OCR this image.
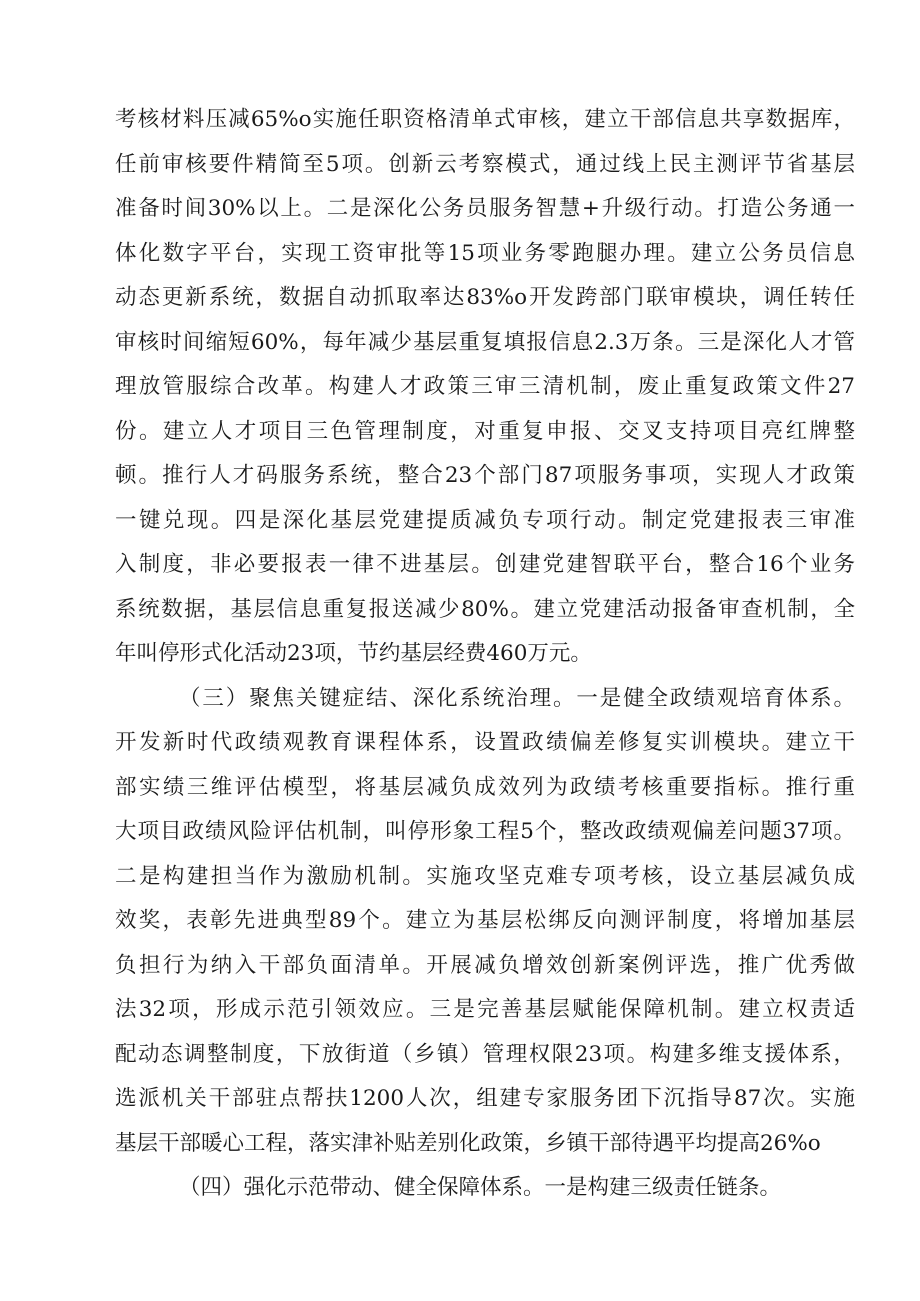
考核材料压减65%o实施任职资格清单式审核，建立干部信息共享数据库，
任前审核要件精简至5项。创新云考察模式，通过线上民主测评节省基层
准备时间30%以上。二是深化公务员服务智慧+升级行动。打造公务通一
体化数字平台，实现工资审批等15项业务零跑腿办理。建立公务员信息
动态更新系统，数据自动抓取率达83%o开发跨部门联审模块，调任转任
审核时间缩短60%，每年减少基层重复填报信息2.3万条。三是深化人才管
理放管服综合改革。构建人才政策三审三清机制，废止重复政策文件27
份。建立人才项目三色管理制度，对重复申报、交叉支持项目亮红牌整
顿。推行人才码服务系统，整合23个部门87项服务事项，实现人才政策
一键兑现。四是深化基层党建提质减负专项行动。制定党建报表三审准
入制度，非必要报表一律不进基层。创建党建智联平台，整合16个业务
系统数据，基层信息重复报送减少80%。建立党建活动报备审查机制，全
年叫停形式化活动23项，节约基层经费460万元。
（三）聚焦关键症结、深化系统治理。一是健全政绩观培育体系。
开发新时代政绩观教育课程体系，设置政绩偏差修复实训模块。建立干
部实绩三维评估模型，将基层减负成效列为政绩考核重要指标。推行重
大项目政绩风险评估机制，叫停形象工程5个，整改政绩观偏差问题37项。
二是构建担当作为激励机制。实施攻坚克难专项考核，设立基层减负成
效奖，表彰先进典型89个。建立为基层松绑反向测评制度，将增加基层
负担行为纳入干部负面清单。开展减负增效创新案例评选，推广优秀做
法32项，形成示范引领效应。三是完善基层赋能保障机制。建立权责适
配动态调整制度，下放街道（乡镇）管理权限23项。构建多维支援体系，
选派机关干部驻点帮扶1200人次，组建专家服务团下沉指导87次。实施
基层干部暖心工程，落实津补贴差别化政策，乡镇干部待遇平均提高26%o
（四）强化示范带动、健全保障体系。一是构建三级责任链条。
